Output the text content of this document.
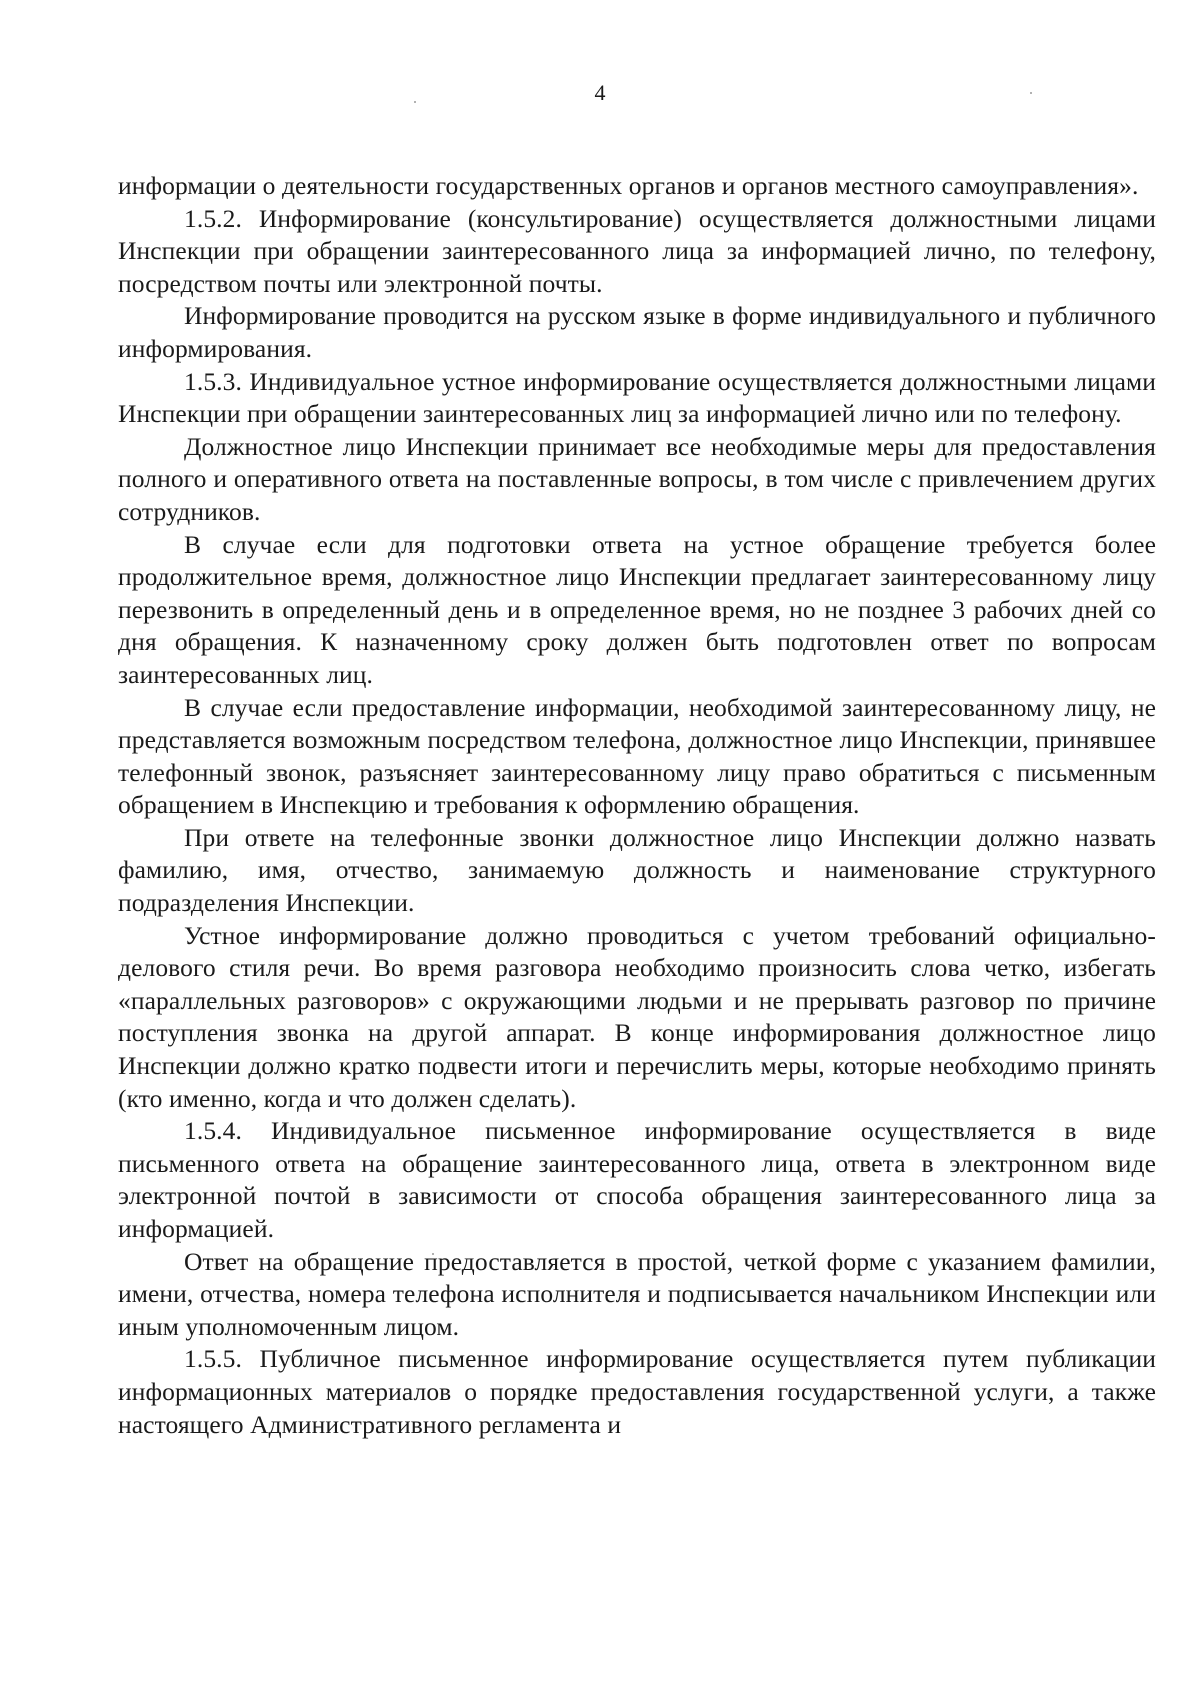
4

информации о деятельности государственных органов и органов местного самоуправления».

1.5.2. Информирование (консультирование) осуществляется должностными лицами Инспекции при обращении заинтересованного лица за информацией лично, по телефону, посредством почты или электронной почты.

Информирование проводится на русском языке в форме индивидуального и публичного информирования.

1.5.3. Индивидуальное устное информирование осуществляется должностными лицами Инспекции при обращении заинтересованных лиц за информацией лично или по телефону.

Должностное лицо Инспекции принимает все необходимые меры для предоставления полного и оперативного ответа на поставленные вопросы, в том числе с привлечением других сотрудников.

В случае если для подготовки ответа на устное обращение требуется более продолжительное время, должностное лицо Инспекции предлагает заинтересованному лицу перезвонить в определенный день и в определенное время, но не позднее 3 рабочих дней со дня обращения. К назначенному сроку должен быть подготовлен ответ по вопросам заинтересованных лиц.

В случае если предоставление информации, необходимой заинтересованному лицу, не представляется возможным посредством телефона, должностное лицо Инспекции, принявшее телефонный звонок, разъясняет заинтересованному лицу право обратиться с письменным обращением в Инспекцию и требования к оформлению обращения.

При ответе на телефонные звонки должностное лицо Инспекции должно назвать фамилию, имя, отчество, занимаемую должность и наименование структурного подразделения Инспекции.

Устное информирование должно проводиться с учетом требований официально-делового стиля речи. Во время разговора необходимо произносить слова четко, избегать «параллельных разговоров» с окружающими людьми и не прерывать разговор по причине поступления звонка на другой аппарат. В конце информирования должностное лицо Инспекции должно кратко подвести итоги и перечислить меры, которые необходимо принять (кто именно, когда и что должен сделать).

1.5.4. Индивидуальное письменное информирование осуществляется в виде письменного ответа на обращение заинтересованного лица, ответа в электронном виде электронной почтой в зависимости от способа обращения заинтересованного лица за информацией.

Ответ на обращение предоставляется в простой, четкой форме с указанием фамилии, имени, отчества, номера телефона исполнителя и подписывается начальником Инспекции или иным уполномоченным лицом.

1.5.5. Публичное письменное информирование осуществляется путем публикации информационных материалов о порядке предоставления государственной услуги, а также настоящего Административного регламента и
